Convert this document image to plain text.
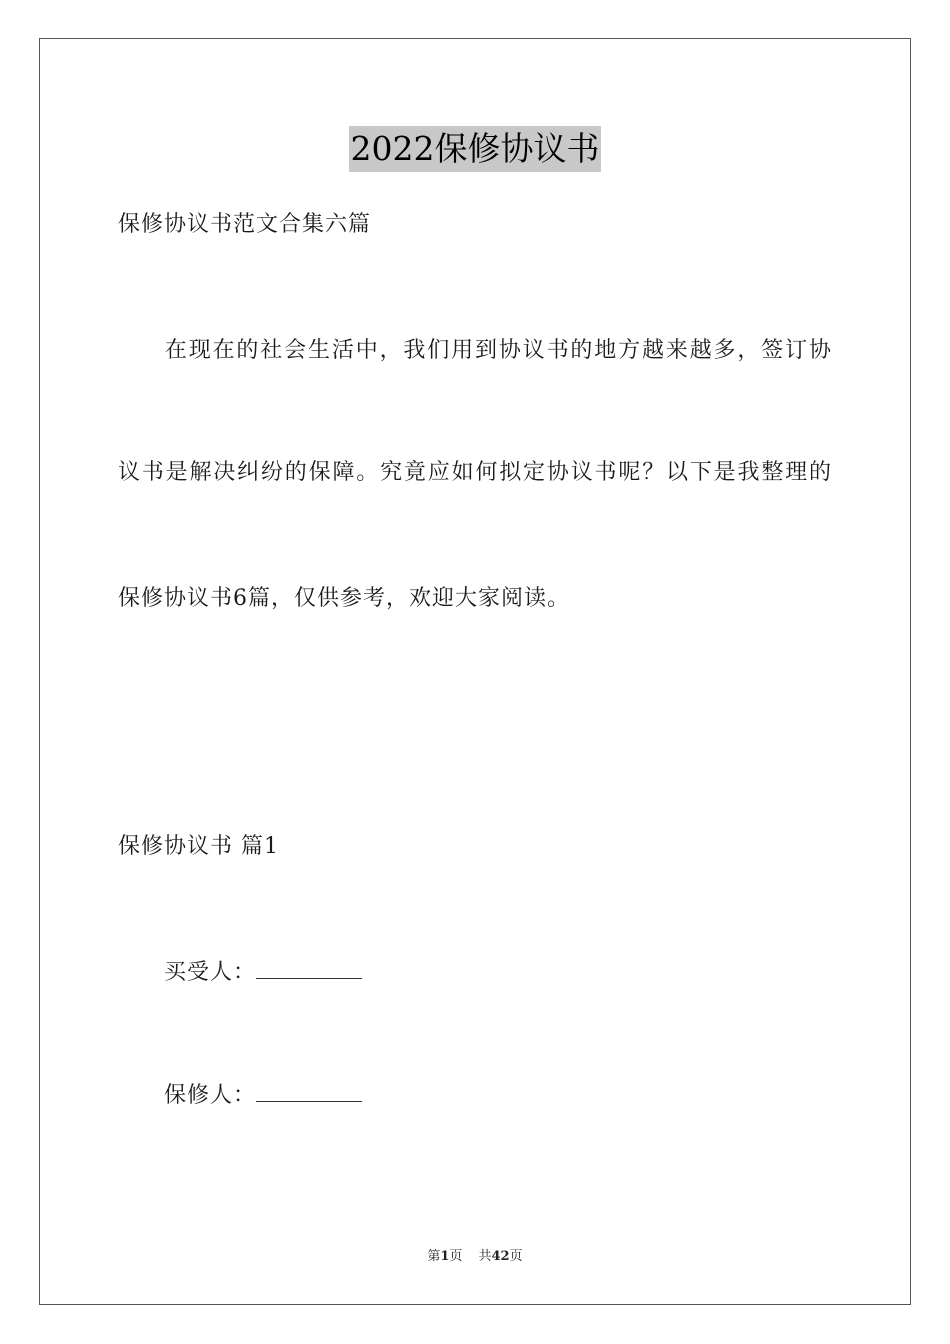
2022保修协议书
保修协议书范文合集六篇
在现在的社会生活中，我们用到协议书的地方越来越多，签订协
议书是解决纠纷的保障。究竟应如何拟定协议书呢？以下是我整理的
保修协议书6篇，仅供参考，欢迎大家阅读。
保修协议书 篇1
买受人：
保修人：
第1页 共42页
